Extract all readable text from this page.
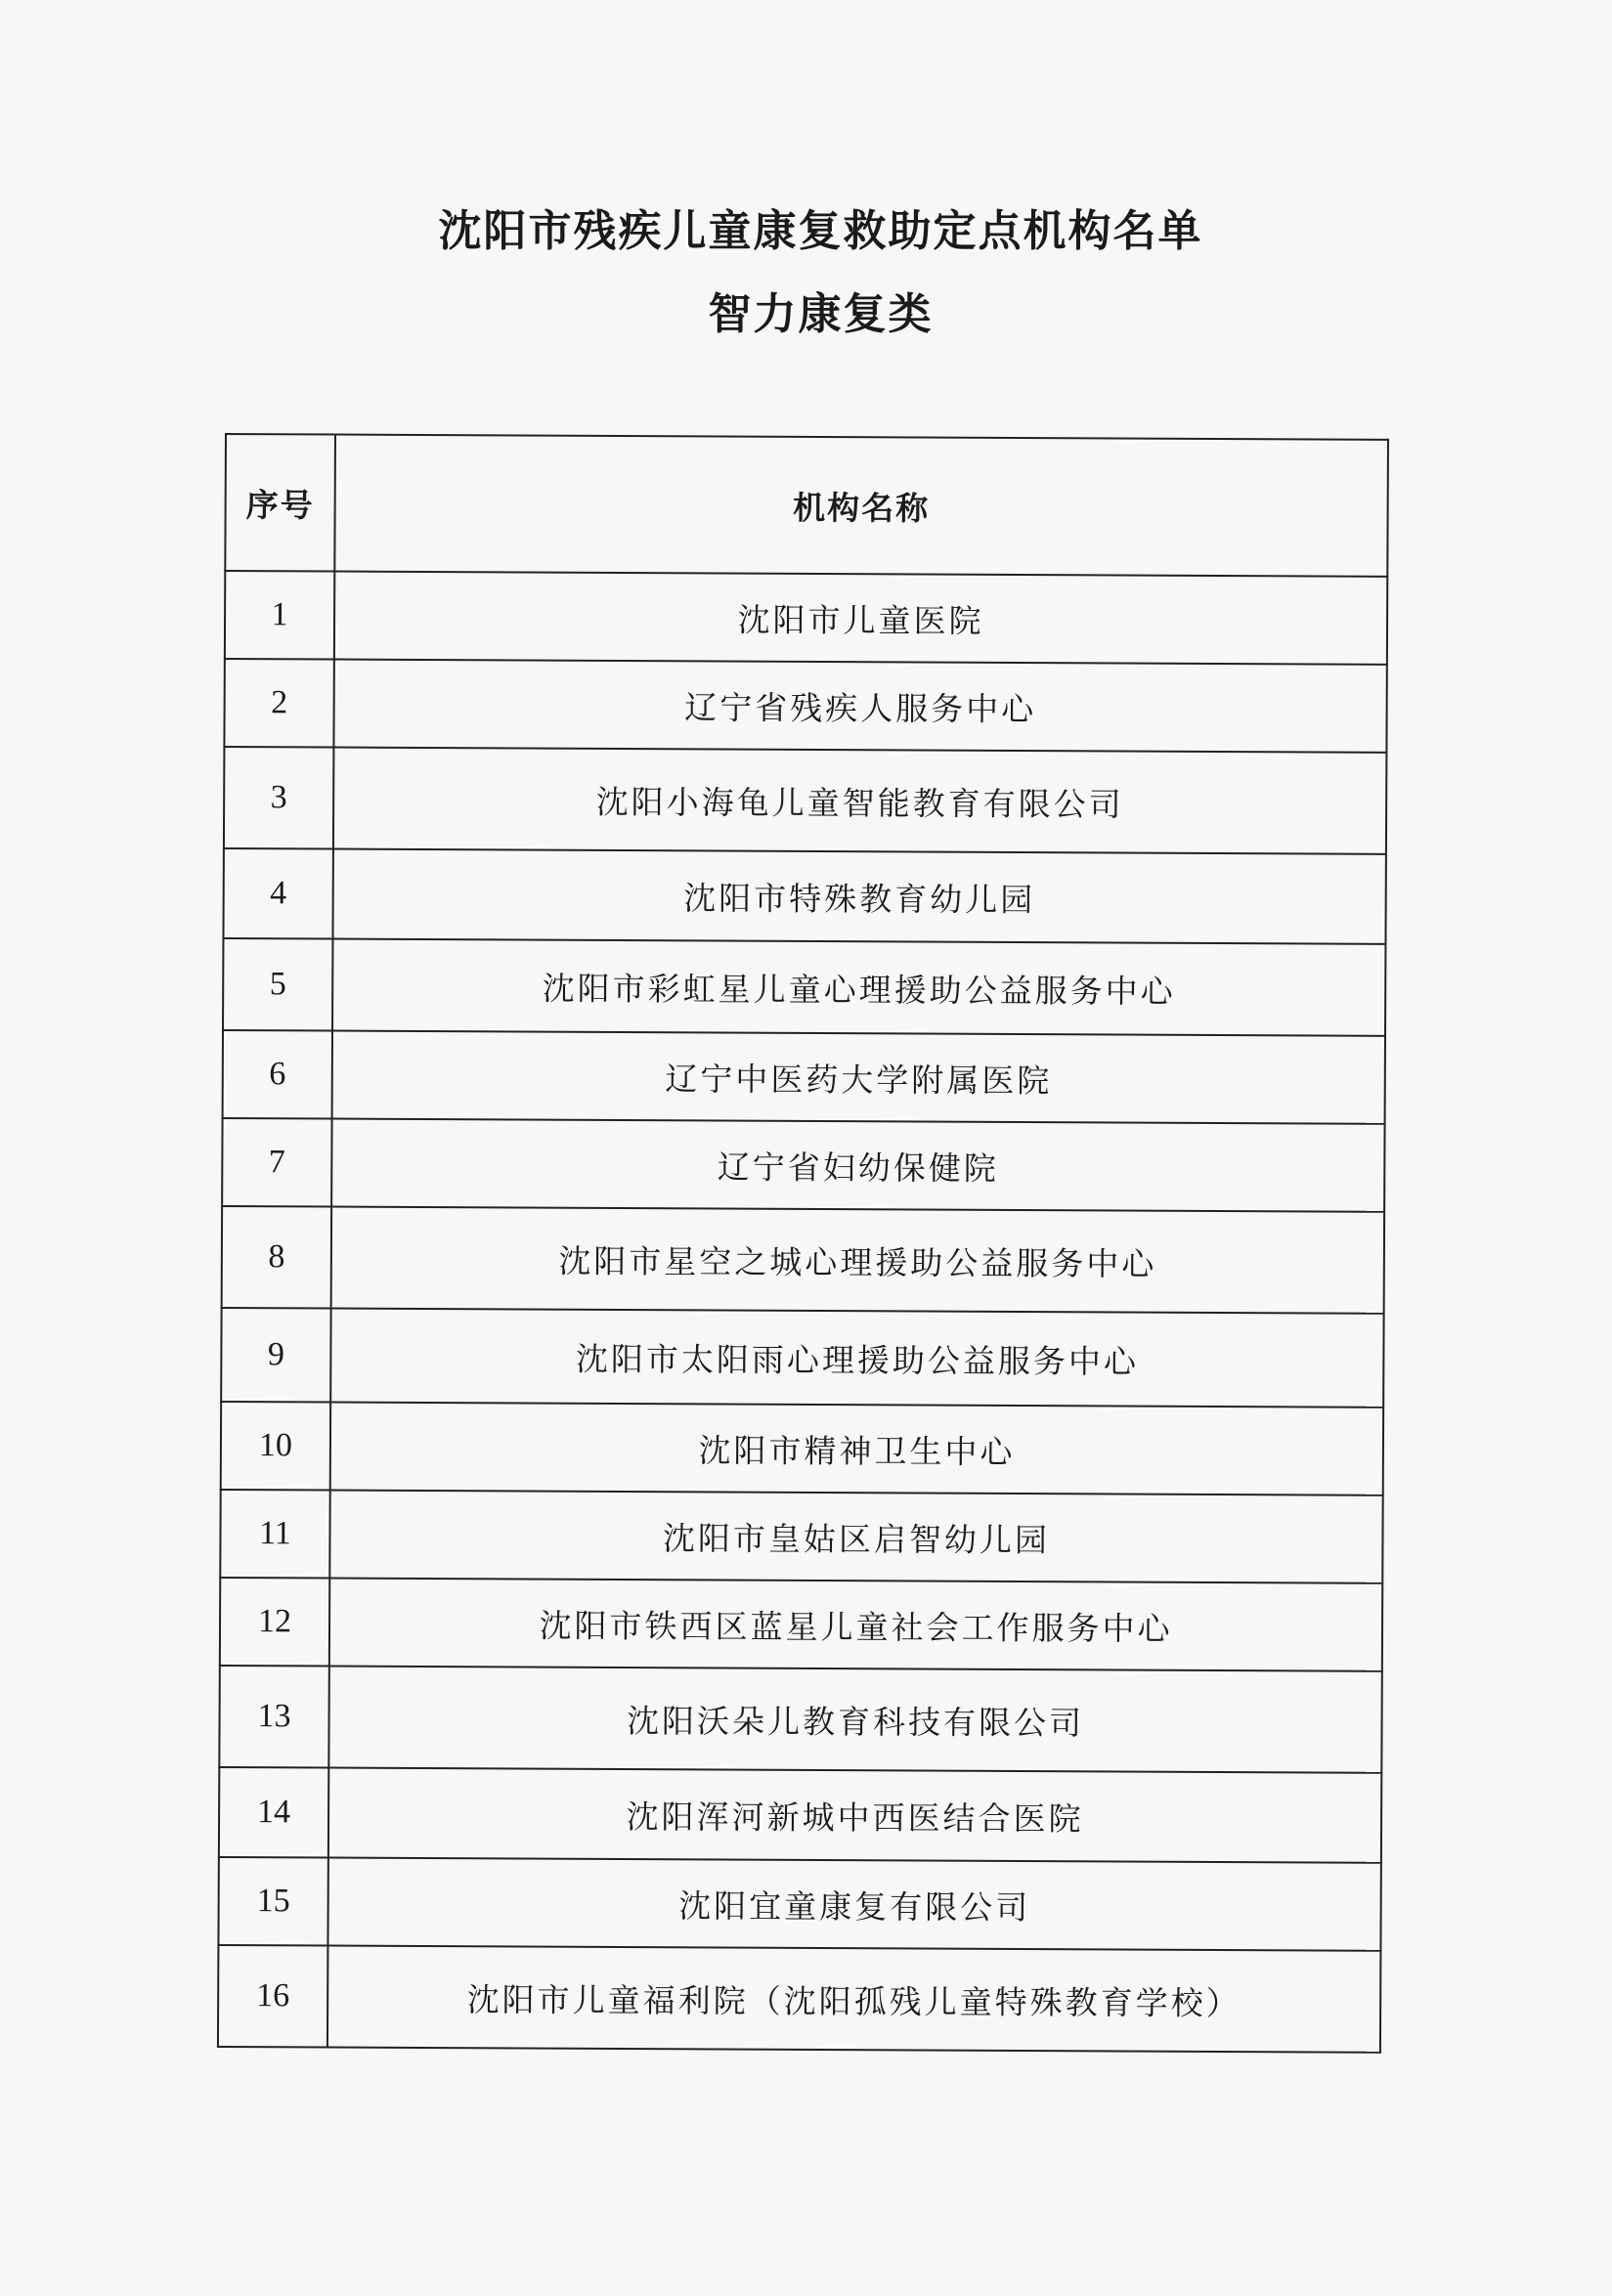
沈阳市残疾儿童康复救助定点机构名单
智力康复类
序号	机构名称
1	沈阳市儿童医院
2	辽宁省残疾人服务中心
3	沈阳小海龟儿童智能教育有限公司
4	沈阳市特殊教育幼儿园
5	沈阳市彩虹星儿童心理援助公益服务中心
6	辽宁中医药大学附属医院
7	辽宁省妇幼保健院
8	沈阳市星空之城心理援助公益服务中心
9	沈阳市太阳雨心理援助公益服务中心
10	沈阳市精神卫生中心
11	沈阳市皇姑区启智幼儿园
12	沈阳市铁西区蓝星儿童社会工作服务中心
13	沈阳沃朵儿教育科技有限公司
14	沈阳浑河新城中西医结合医院
15	沈阳宜童康复有限公司
16	沈阳市儿童福利院（沈阳孤残儿童特殊教育学校）
